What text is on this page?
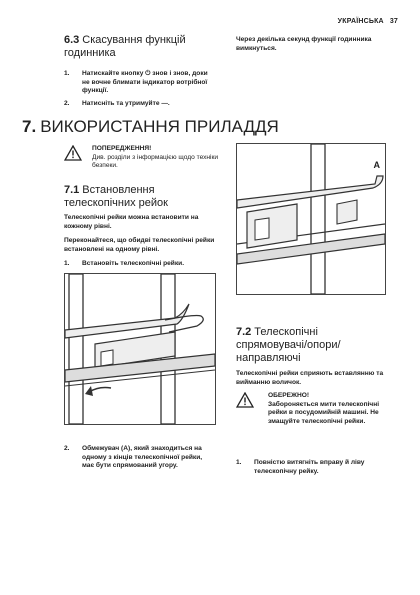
УКРАЇНСЬКА 37
6.3 Скасування функцій годинника
1. Натискайте кнопку ⏻ знов і знов, доки не вочне блимати індикатор вотрібної функції.
2. Натисніть та утримуйте —.
Через декілька секунд функції годинника вимкнуться.
7. ВИКОРИСТАННЯ ПРИЛАДДЯ
ПОПЕРЕДЖЕННЯ!
Див. розділи з інформацією щодо техніки безпеки.
7.1 Встановлення телескопічних рейок
Телескопічні рейки можна встановити на кожному рівні.
Переконайтеся, що обидві телескопічні рейки встановлені на одному рівні.
1. Встановіть телескопічні рейки.
2. Обмежувач (A), який знаходиться на одному з кінців телескопічної рейки, має бути спрямований угору.
A
7.2 Телескопічні спрямовувачі/опори/направляючі
Телескопічні рейки сприяють вставлянню та вийманню воличок.
ОБЕРЕЖНО!
Забороняється мити телескопічні рейки в посудомийній машині. Не змащуйте телескопічні рейки.
1. Повністю витягніть вправу й ліву телескопічну рейку.
